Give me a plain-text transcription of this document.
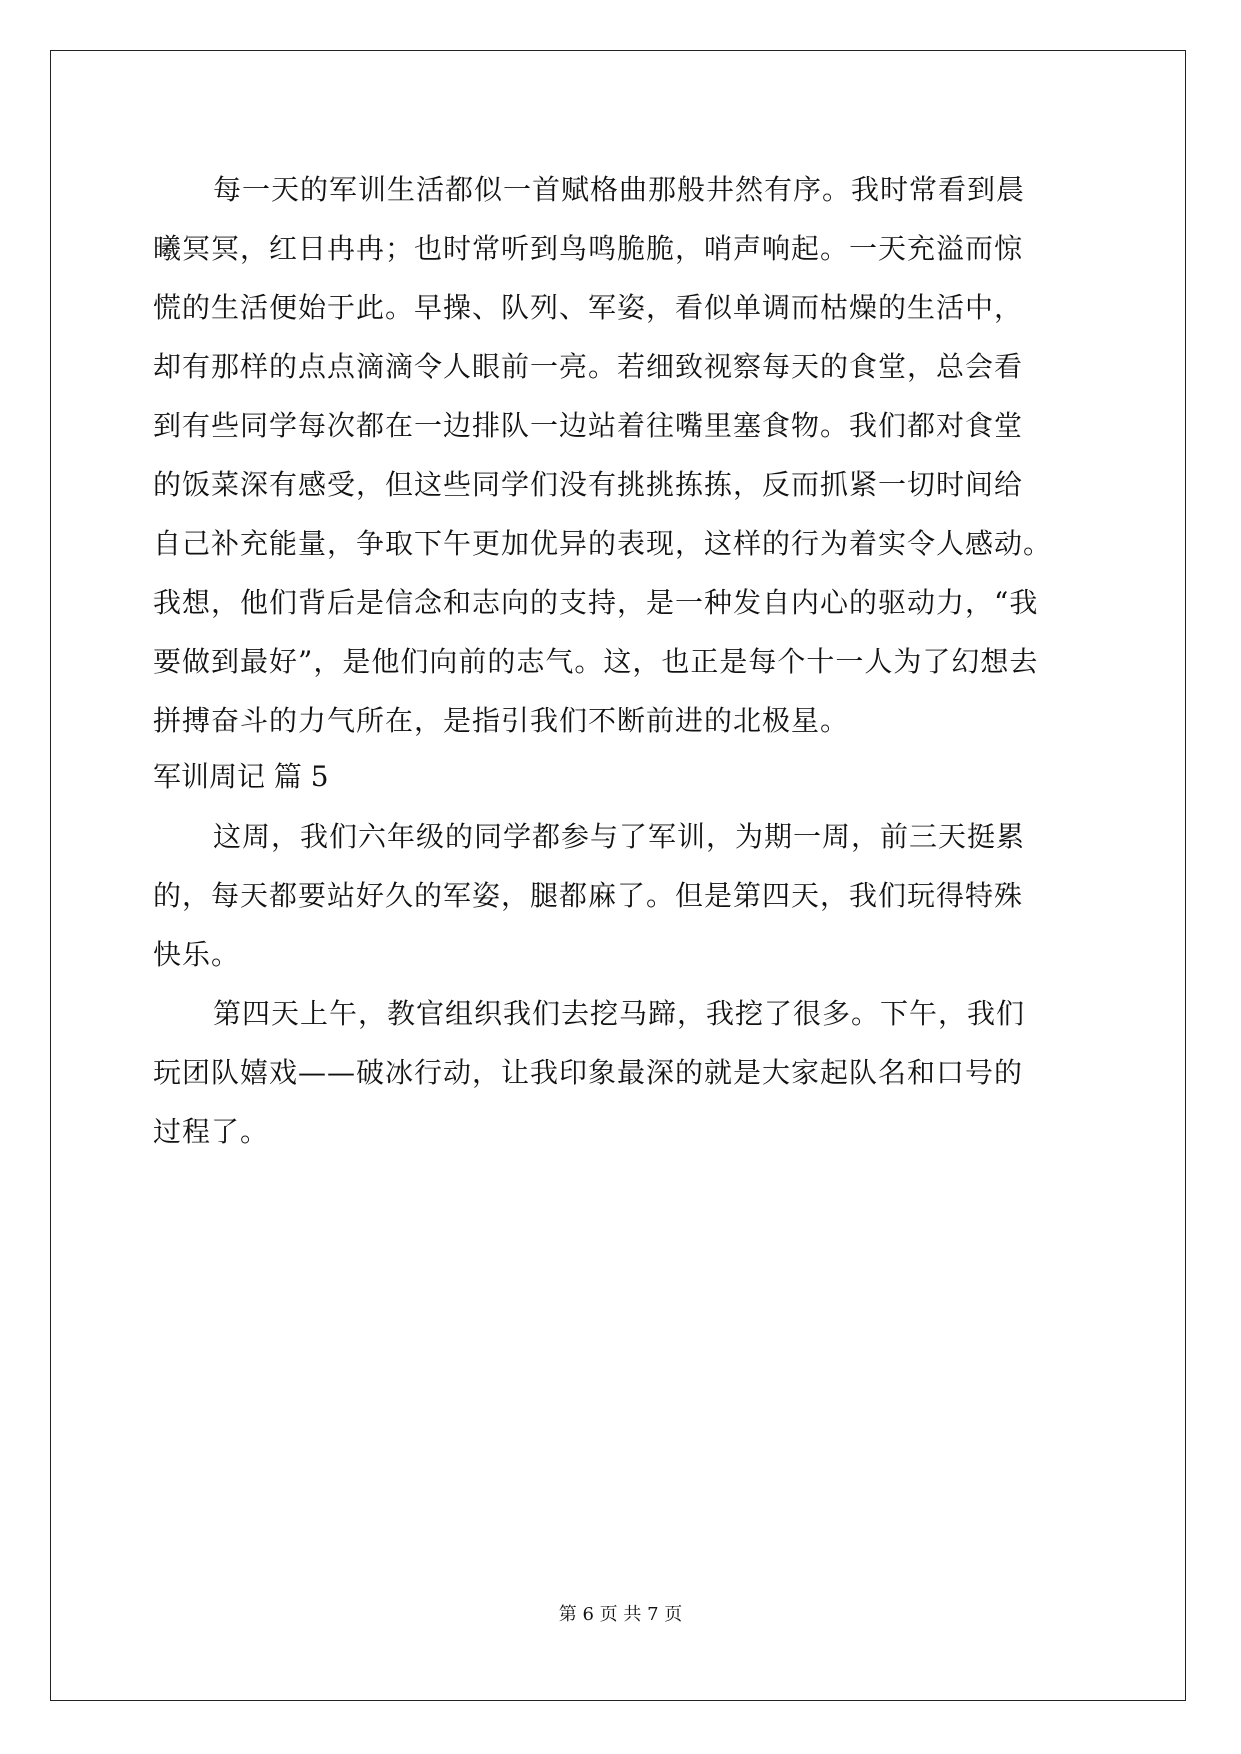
每一天的军训生活都似一首赋格曲那般井然有序。我时常看到晨
曦冥冥，红日冉冉；也时常听到鸟鸣脆脆，哨声响起。一天充溢而惊
慌的生活便始于此。早操、队列、军姿，看似单调而枯燥的生活中，
却有那样的点点滴滴令人眼前一亮。若细致视察每天的食堂，总会看
到有些同学每次都在一边排队一边站着往嘴里塞食物。我们都对食堂
的饭菜深有感受，但这些同学们没有挑挑拣拣，反而抓紧一切时间给
自己补充能量，争取下午更加优异的表现，这样的行为着实令人感动。
我想，他们背后是信念和志向的支持，是一种发自内心的驱动力，“我
要做到最好”，是他们向前的志气。这，也正是每个十一人为了幻想去
拼搏奋斗的力气所在，是指引我们不断前进的北极星。
军训周记 篇 5
这周，我们六年级的同学都参与了军训，为期一周，前三天挺累
的，每天都要站好久的军姿，腿都麻了。但是第四天，我们玩得特殊
快乐。
第四天上午，教官组织我们去挖马蹄，我挖了很多。下午，我们
玩团队嬉戏——破冰行动，让我印象最深的就是大家起队名和口号的
过程了。
第 6 页 共 7 页
